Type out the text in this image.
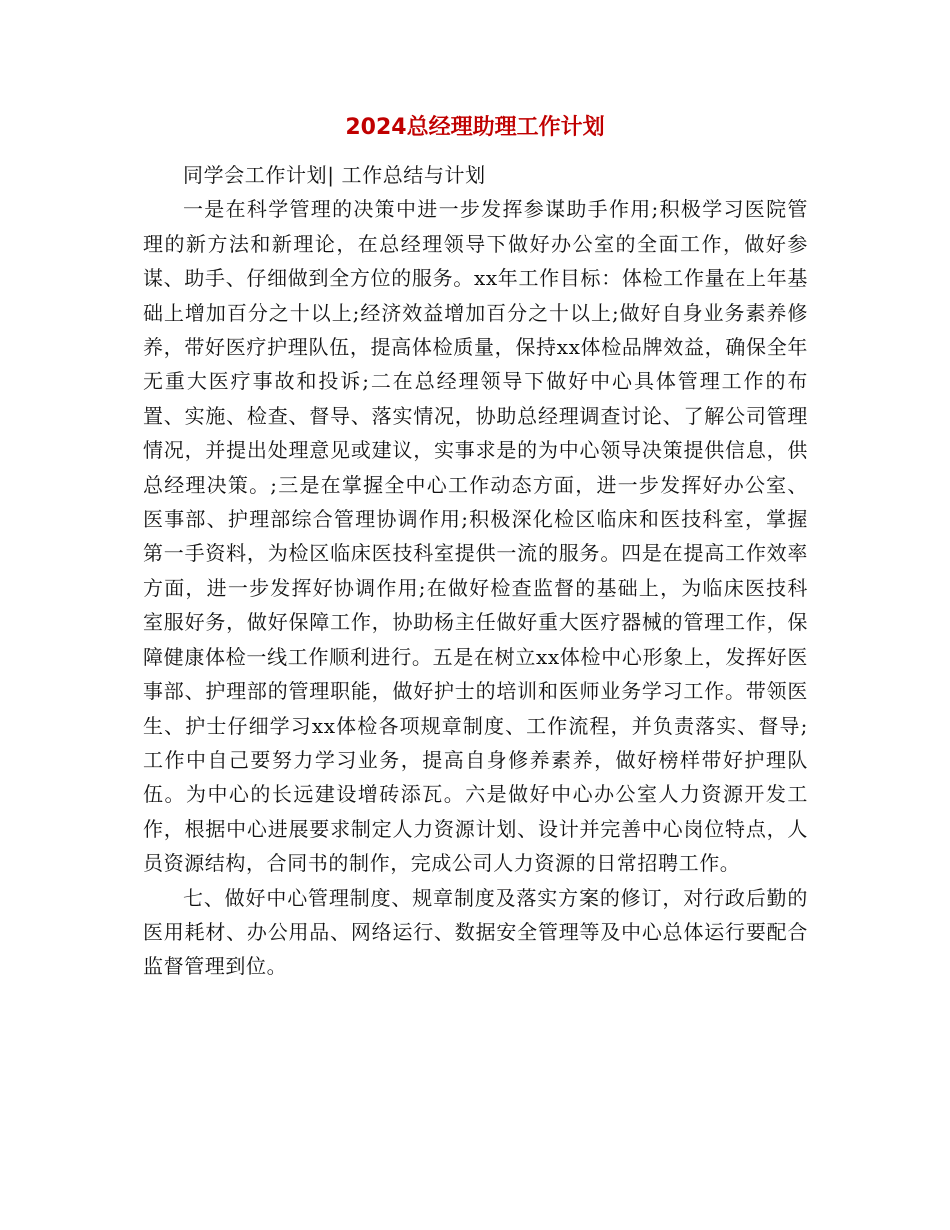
2024总经理助理工作计划

同学会工作计划| 工作总结与计划

一是在科学管理的决策中进一步发挥参谋助手作用;积极学习医院管理的新方法和新理论，在总经理领导下做好办公室的全面工作，做好参谋、助手、仔细做到全方位的服务。xx年工作目标：体检工作量在上年基础上增加百分之十以上;经济效益增加百分之十以上;做好自身业务素养修养，带好医疗护理队伍，提高体检质量，保持xx体检品牌效益，确保全年无重大医疗事故和投诉;二在总经理领导下做好中心具体管理工作的布置、实施、检查、督导、落实情况，协助总经理调查讨论、了解公司管理情况，并提出处理意见或建议，实事求是的为中心领导决策提供信息，供总经理决策。;三是在掌握全中心工作动态方面，进一步发挥好办公室、医事部、护理部综合管理协调作用;积极深化检区临床和医技科室，掌握第一手资料，为检区临床医技科室提供一流的服务。四是在提高工作效率方面，进一步发挥好协调作用;在做好检查监督的基础上，为临床医技科室服好务，做好保障工作，协助杨主任做好重大医疗器械的管理工作，保障健康体检一线工作顺利进行。五是在树立xx体检中心形象上，发挥好医事部、护理部的管理职能，做好护士的培训和医师业务学习工作。带领医生、护士仔细学习xx体检各项规章制度、工作流程，并负责落实、督导;工作中自己要努力学习业务，提高自身修养素养，做好榜样带好护理队伍。为中心的长远建设增砖添瓦。六是做好中心办公室人力资源开发工作，根据中心进展要求制定人力资源计划、设计并完善中心岗位特点，人员资源结构，合同书的制作，完成公司人力资源的日常招聘工作。

七、做好中心管理制度、规章制度及落实方案的修订，对行政后勤的医用耗材、办公用品、网络运行、数据安全管理等及中心总体运行要配合监督管理到位。
